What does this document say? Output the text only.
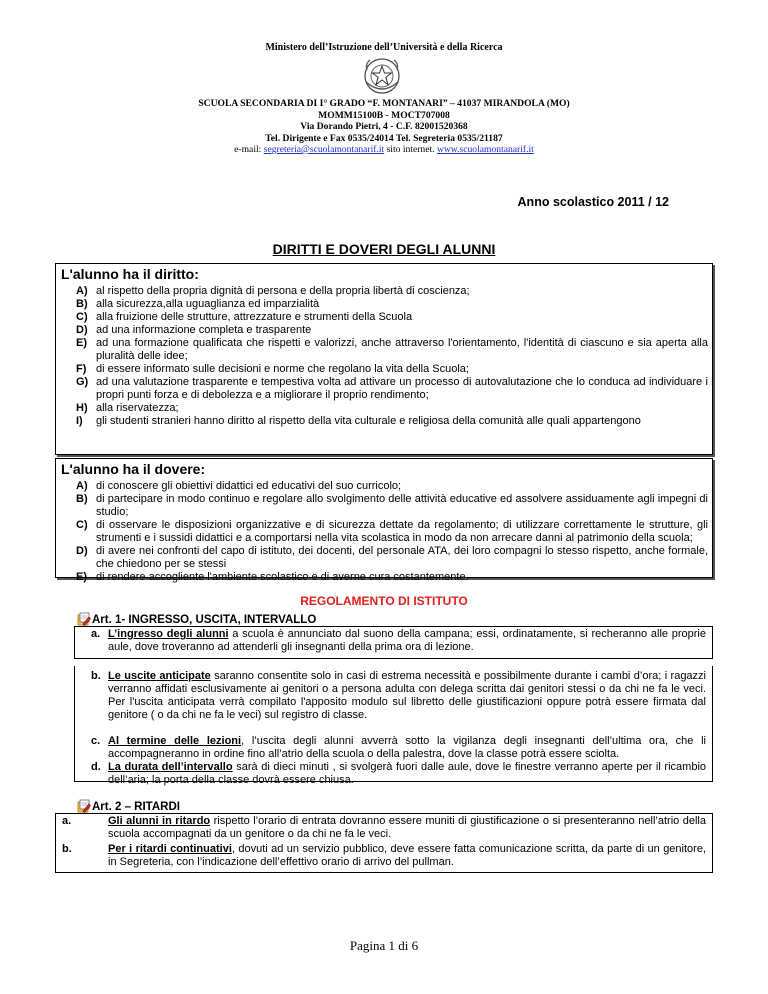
Ministero dell’Istruzione dell’Università e della Ricerca
SCUOLA SECONDARIA DI I° GRADO “F. MONTANARI” – 41037 MIRANDOLA (MO)
MOMM15100B - MOCT707008
Via Dorando Pietri, 4 - C.F. 82001520368
Tel. Dirigente e Fax 0535/24014 Tel. Segreteria 0535/21187
e-mail: segreteria@scuolamontanarif.it sito internet. www.scuolamontanarif.it
Anno scolastico 2011 / 12
DIRITTI E DOVERI DEGLI ALUNNI
L'alunno ha il diritto:
A) al rispetto della propria dignità di persona e della propria libertà di coscienza;
B) alla sicurezza,alla uguaglianza ed imparzialità
C) alla fruizione delle strutture, attrezzature e strumenti della Scuola
D) ad una informazione completa e trasparente
E) ad una formazione qualificata che rispetti e valorizzi, anche attraverso l'orientamento, l'identità di ciascuno e sia aperta alla pluralità delle idee;
F) di essere informato sulle decisioni e norme che regolano la vita della Scuola;
G) ad una valutazione trasparente e tempestiva volta ad attivare un processo di autovalutazione che lo conduca ad individuare i propri punti forza e di debolezza e a migliorare il proprio rendimento;
H) alla riservatezza;
I) gli studenti stranieri hanno diritto al rispetto della vita culturale e religiosa della comunità alle quali appartengono
L'alunno ha il dovere:
A) di conoscere gli obiettivi didattici ed educativi del suo curricolo;
B) di partecipare in modo continuo e regolare allo svolgimento delle attività educative ed assolvere assiduamente agli impegni di studio;
C) di osservare le disposizioni organizzative e di sicurezza dettate da regolamento; di utilizzare correttamente le strutture, gli strumenti e i sussidi didattici e a comportarsi nella vita scolastica in modo da non arrecare danni al patrimonio della scuola;
D) di avere nei confronti del capo di istituto, dei docenti, del personale ATA, dei loro compagni lo stesso rispetto, anche formale, che chiedono per se stessi
E) di rendere accogliente l'ambiente scolastico e di averne cura costantemente.
REGOLAMENTO DI ISTITUTO
Art. 1- INGRESSO, USCITA, INTERVALLO
a. L’ingresso degli alunni a scuola è annunciato dal suono della campana; essi, ordinatamente, si recheranno alle proprie aule, dove troveranno ad attenderli gli insegnanti della prima ora di lezione.
b. Le uscite anticipate saranno consentite solo in casi di estrema necessità e possibilmente durante i cambi d’ora; i ragazzi verranno affidati esclusivamente ai genitori o a persona adulta con delega scritta dai genitori stessi o da chi ne fa le veci. Per l'uscita anticipata verrà compilato l'apposito modulo sul libretto delle giustificazioni oppure potrà essere firmata dal genitore ( o da chi ne fa le veci) sul registro di classe.
c. Al termine delle lezioni, l’uscita degli alunni avverrà sotto la vigilanza degli insegnanti dell’ultima ora, che li accompagneranno in ordine fino all’atrio della scuola o della palestra, dove la classe potrà essere sciolta.
d. La durata dell’intervallo sarà di dieci minuti , si svolgerà fuori dalle aule, dove le finestre verranno aperte per il ricambio dell’aria; la porta della classe dovrà essere chiusa.
Art. 2 – RITARDI
a.	Gli alunni in ritardo rispetto l’orario di entrata dovranno essere muniti di giustificazione o si presenteranno nell’atrio della scuola accompagnati da un genitore o da chi ne fa le veci.
b.	Per i ritardi continuativi, dovuti ad un servizio pubblico, deve essere fatta comunicazione scritta, da parte di un genitore, in Segreteria, con l’indicazione dell’effettivo orario di arrivo del pullman.
Pagina 1 di 6
